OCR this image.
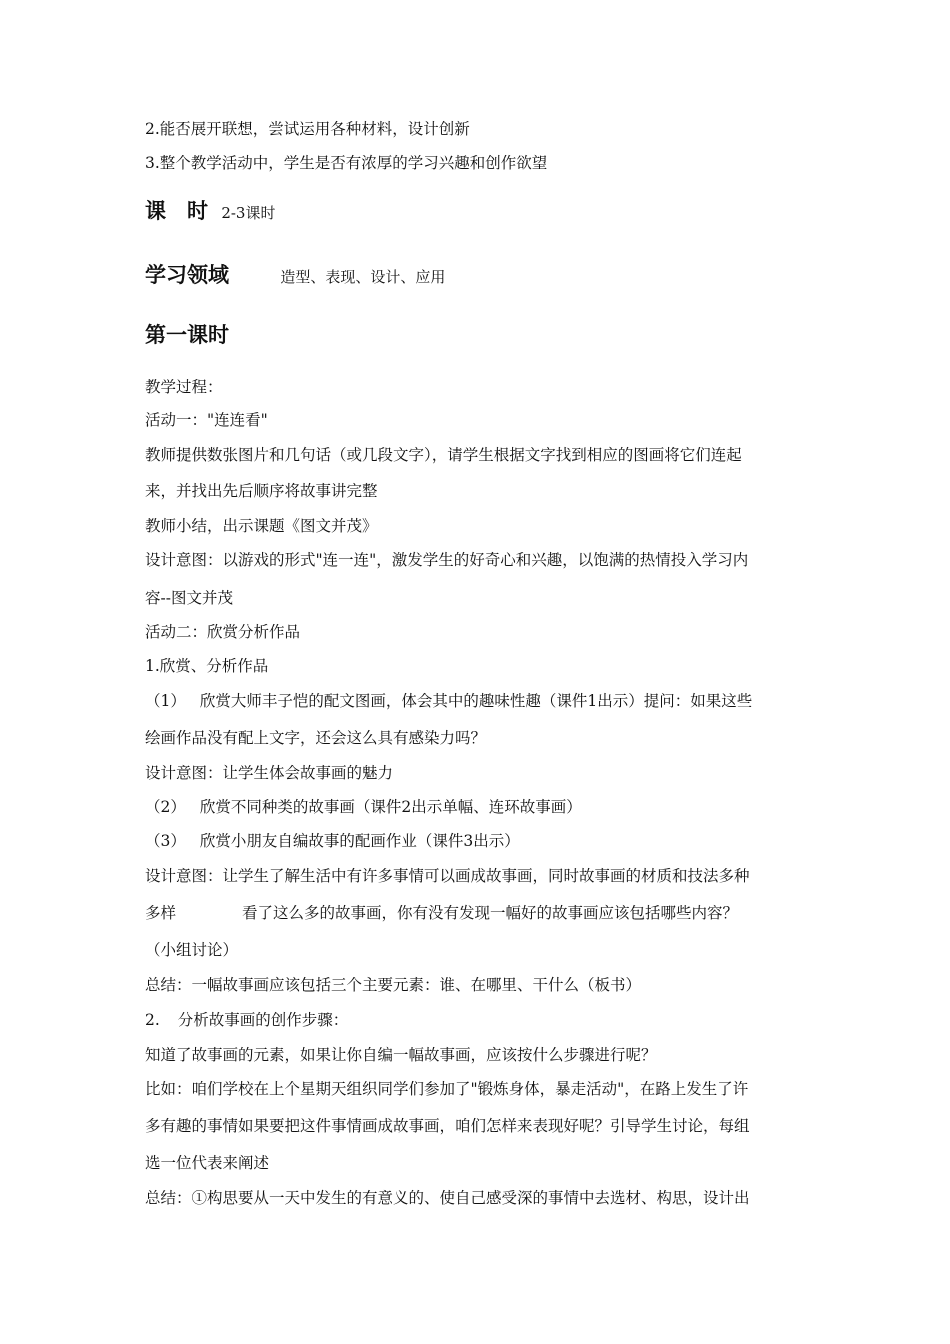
2.能否展开联想，尝试运用各种材料，设计创新
3.整个教学活动中，学生是否有浓厚的学习兴趣和创作欲望
课　时 2-3课时
学习领域	造型、表现、设计、应用
第一课时
教学过程：
活动一："连连看"
教师提供数张图片和几句话（或几段文字），请学生根据文字找到相应的图画将它们连起
来，并找出先后顺序将故事讲完整
教师小结，出示课题《图文并茂》
设计意图：以游戏的形式"连一连"，激发学生的好奇心和兴趣，以饱满的热情投入学习内
容--图文并茂
活动二：欣赏分析作品
1.欣赏、分析作品
（1） 欣赏大师丰子恺的配文图画，体会其中的趣味性趣（课件1出示）提问：如果这些
绘画作品没有配上文字，还会这么具有感染力吗？
设计意图：让学生体会故事画的魅力
（2） 欣赏不同种类的故事画（课件2出示单幅、连环故事画）
（3） 欣赏小朋友自编故事的配画作业（课件3出示）
设计意图：让学生了解生活中有许多事情可以画成故事画，同时故事画的材质和技法多种
多样	看了这么多的故事画，你有没有发现一幅好的故事画应该包括哪些内容？
（小组讨论）
总结：一幅故事画应该包括三个主要元素：谁、在哪里、干什么（板书）
2. 分析故事画的创作步骤：
知道了故事画的元素，如果让你自编一幅故事画，应该按什么步骤进行呢？
比如：咱们学校在上个星期天组织同学们参加了"锻炼身体，暴走活动"，在路上发生了许
多有趣的事情如果要把这件事情画成故事画，咱们怎样来表现好呢？引导学生讨论，每组
选一位代表来阐述
总结：①构思要从一天中发生的有意义的、使自己感受深的事情中去选材、构思，设计出
